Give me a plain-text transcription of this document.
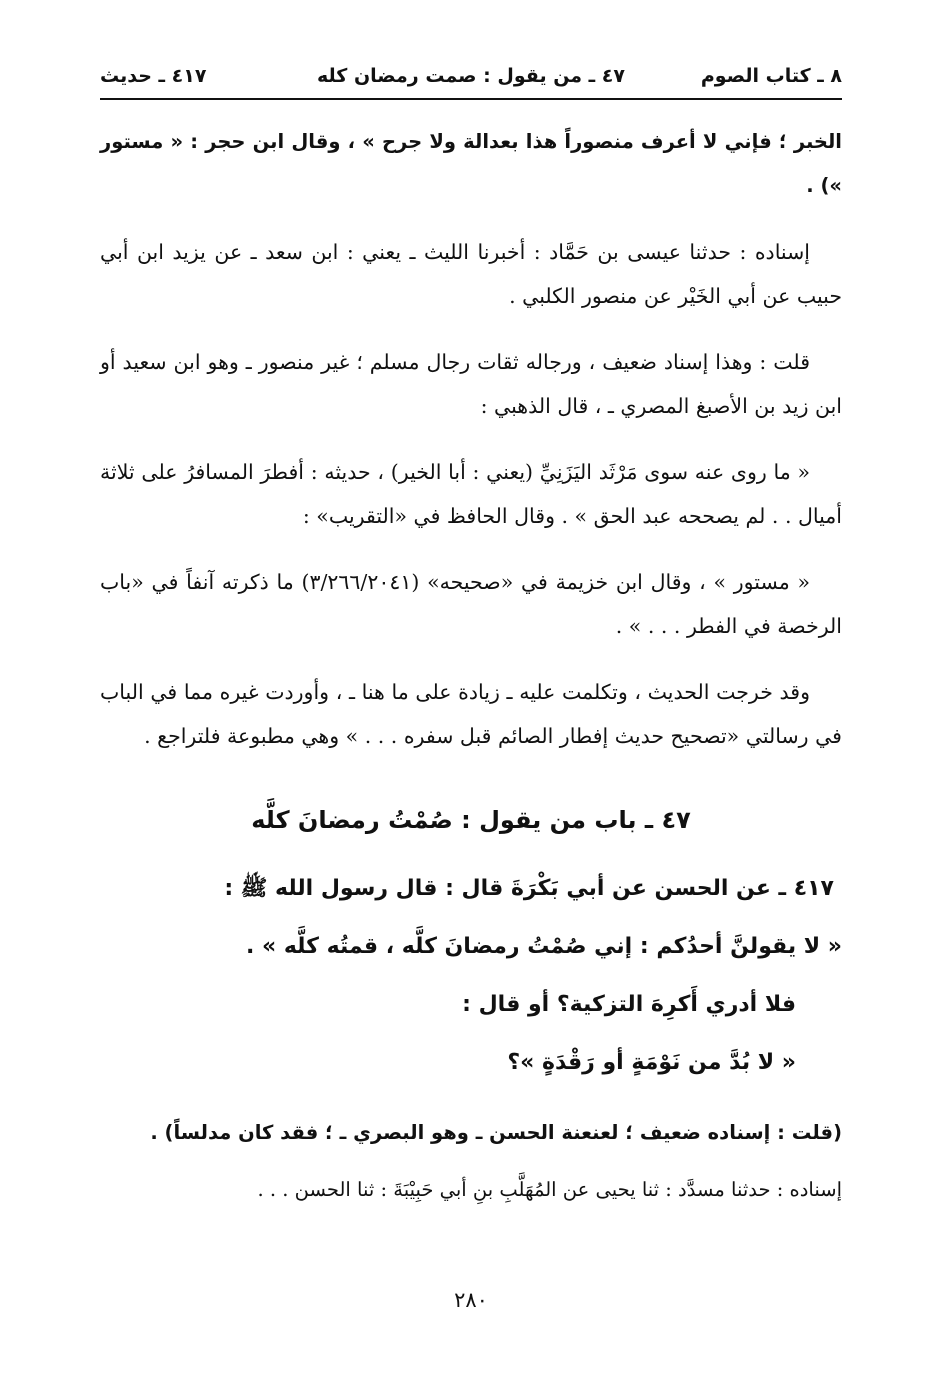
٨ ـ كتاب الصوم
٤٧ ـ من يقول : صمت رمضان كله
٤١٧ ـ حديث

الخبر ؛ فإني لا أعرف منصوراً هذا بعدالة ولا جرح » ، وقال ابن حجر : « مستور ») .

إسناده : حدثنا عيسى بن حَمَّاد : أخبرنا الليث ـ يعني : ابن سعد ـ عن يزيد ابن أبي حبيب عن أبي الخَيْر عن منصور الكلبي .

قلت : وهذا إسناد ضعيف ، ورجاله ثقات رجال مسلم ؛ غير منصور ـ وهو ابن سعيد أو ابن زيد بن الأصبغ المصري ـ ، قال الذهبي :

« ما روى عنه سوى مَرْثَد اليَزَنِيِّ (يعني : أبا الخير) ، حديثه : أفطرَ المسافرُ على ثلاثة أميال . . لم يصححه عبد الحق » . وقال الحافظ في «التقريب» :

« مستور » ، وقال ابن خزيمة في «صحيحه» (٣/٢٦٦/٢٠٤١) ما ذكرته آنفاً في «باب الرخصة في الفطر . . . » .

وقد خرجت الحديث ، وتكلمت عليه ـ زيادة على ما هنا ـ ، وأوردت غيره مما في الباب في رسالتي «تصحيح حديث إفطار الصائم قبل سفره . . . » وهي مطبوعة فلتراجع .

٤٧ ـ باب من يقول : صُمْتُ رمضانَ كلَّه

٤١٧ ـ عن الحسن عن أبي بَكْرَةَ قال : قال رسول الله ﷺ :

« لا يقولنَّ أحدُكم : إني صُمْتُ رمضانَ كلَّه ، قمتُه كلَّه » .

فلا أدري أَكرِهَ التزكية؟ أو قال :

« لا بُدَّ من نَوْمَةٍ أو رَقْدَةٍ »؟

(قلت : إسناده ضعيف ؛ لعنعنة الحسن ـ وهو البصري ـ ؛ فقد كان مدلساً) .

إسناده : حدثنا مسدَّد : ثنا يحيى عن المُهَلَّبِ بنِ أبي حَبِيْبَةَ : ثنا الحسن . . .

٢٨٠
